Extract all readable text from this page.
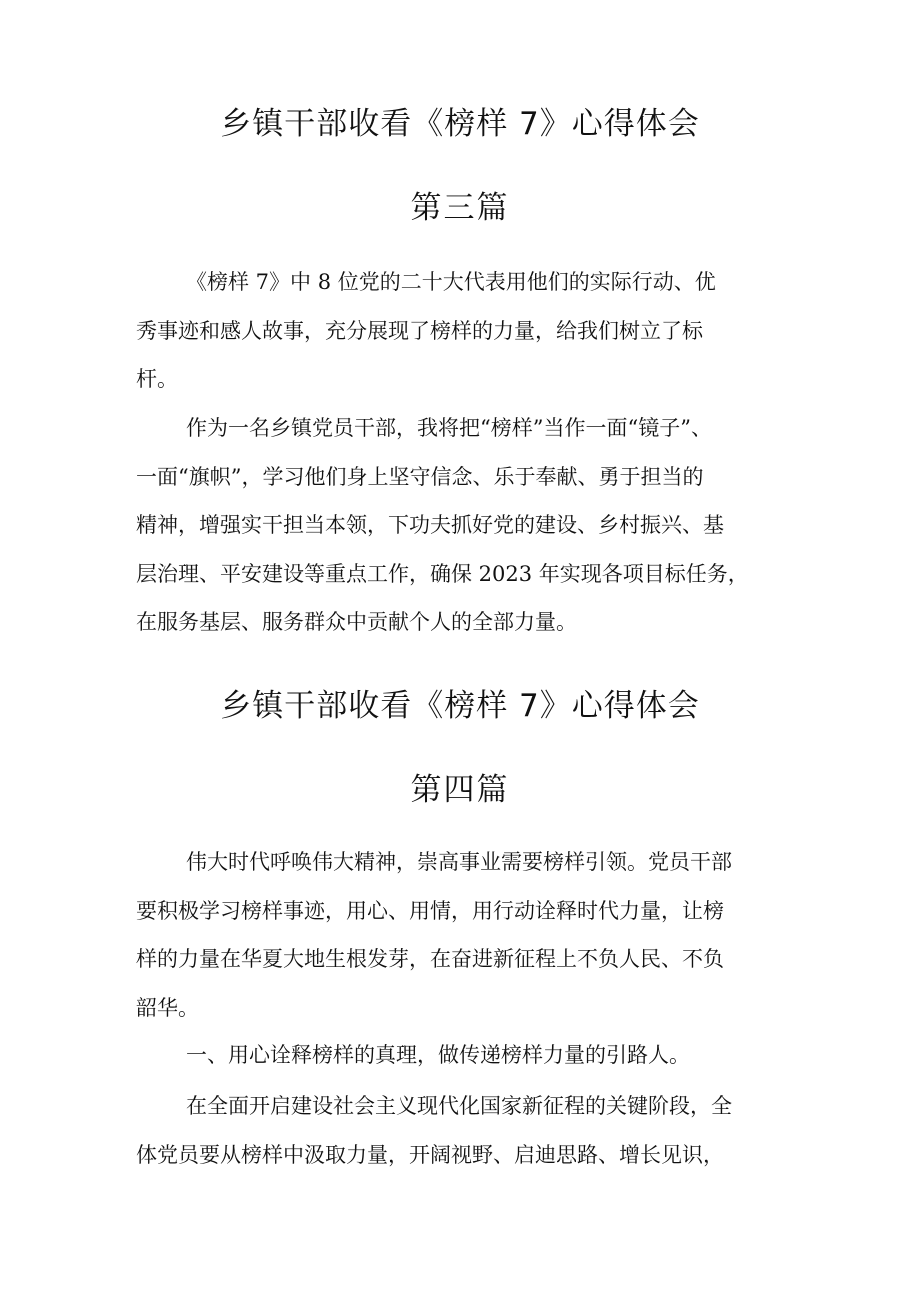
乡镇干部收看《榜样 7》心得体会
第三篇
《榜样 7》中 8 位党的二十大代表用他们的实际行动、优
秀事迹和感人故事，充分展现了榜样的力量，给我们树立了标
杆。
作为一名乡镇党员干部，我将把“榜样”当作一面“镜子”、
一面“旗帜”，学习他们身上坚守信念、乐于奉献、勇于担当的
精神，增强实干担当本领，下功夫抓好党的建设、乡村振兴、基
层治理、平安建设等重点工作，确保 2023 年实现各项目标任务，
在服务基层、服务群众中贡献个人的全部力量。
乡镇干部收看《榜样 7》心得体会
第四篇
伟大时代呼唤伟大精神，崇高事业需要榜样引领。党员干部
要积极学习榜样事迹，用心、用情，用行动诠释时代力量，让榜
样的力量在华夏大地生根发芽，在奋进新征程上不负人民、不负
韶华。
一、用心诠释榜样的真理，做传递榜样力量的引路人。
在全面开启建设社会主义现代化国家新征程的关键阶段，全
体党员要从榜样中汲取力量，开阔视野、启迪思路、增长见识，
